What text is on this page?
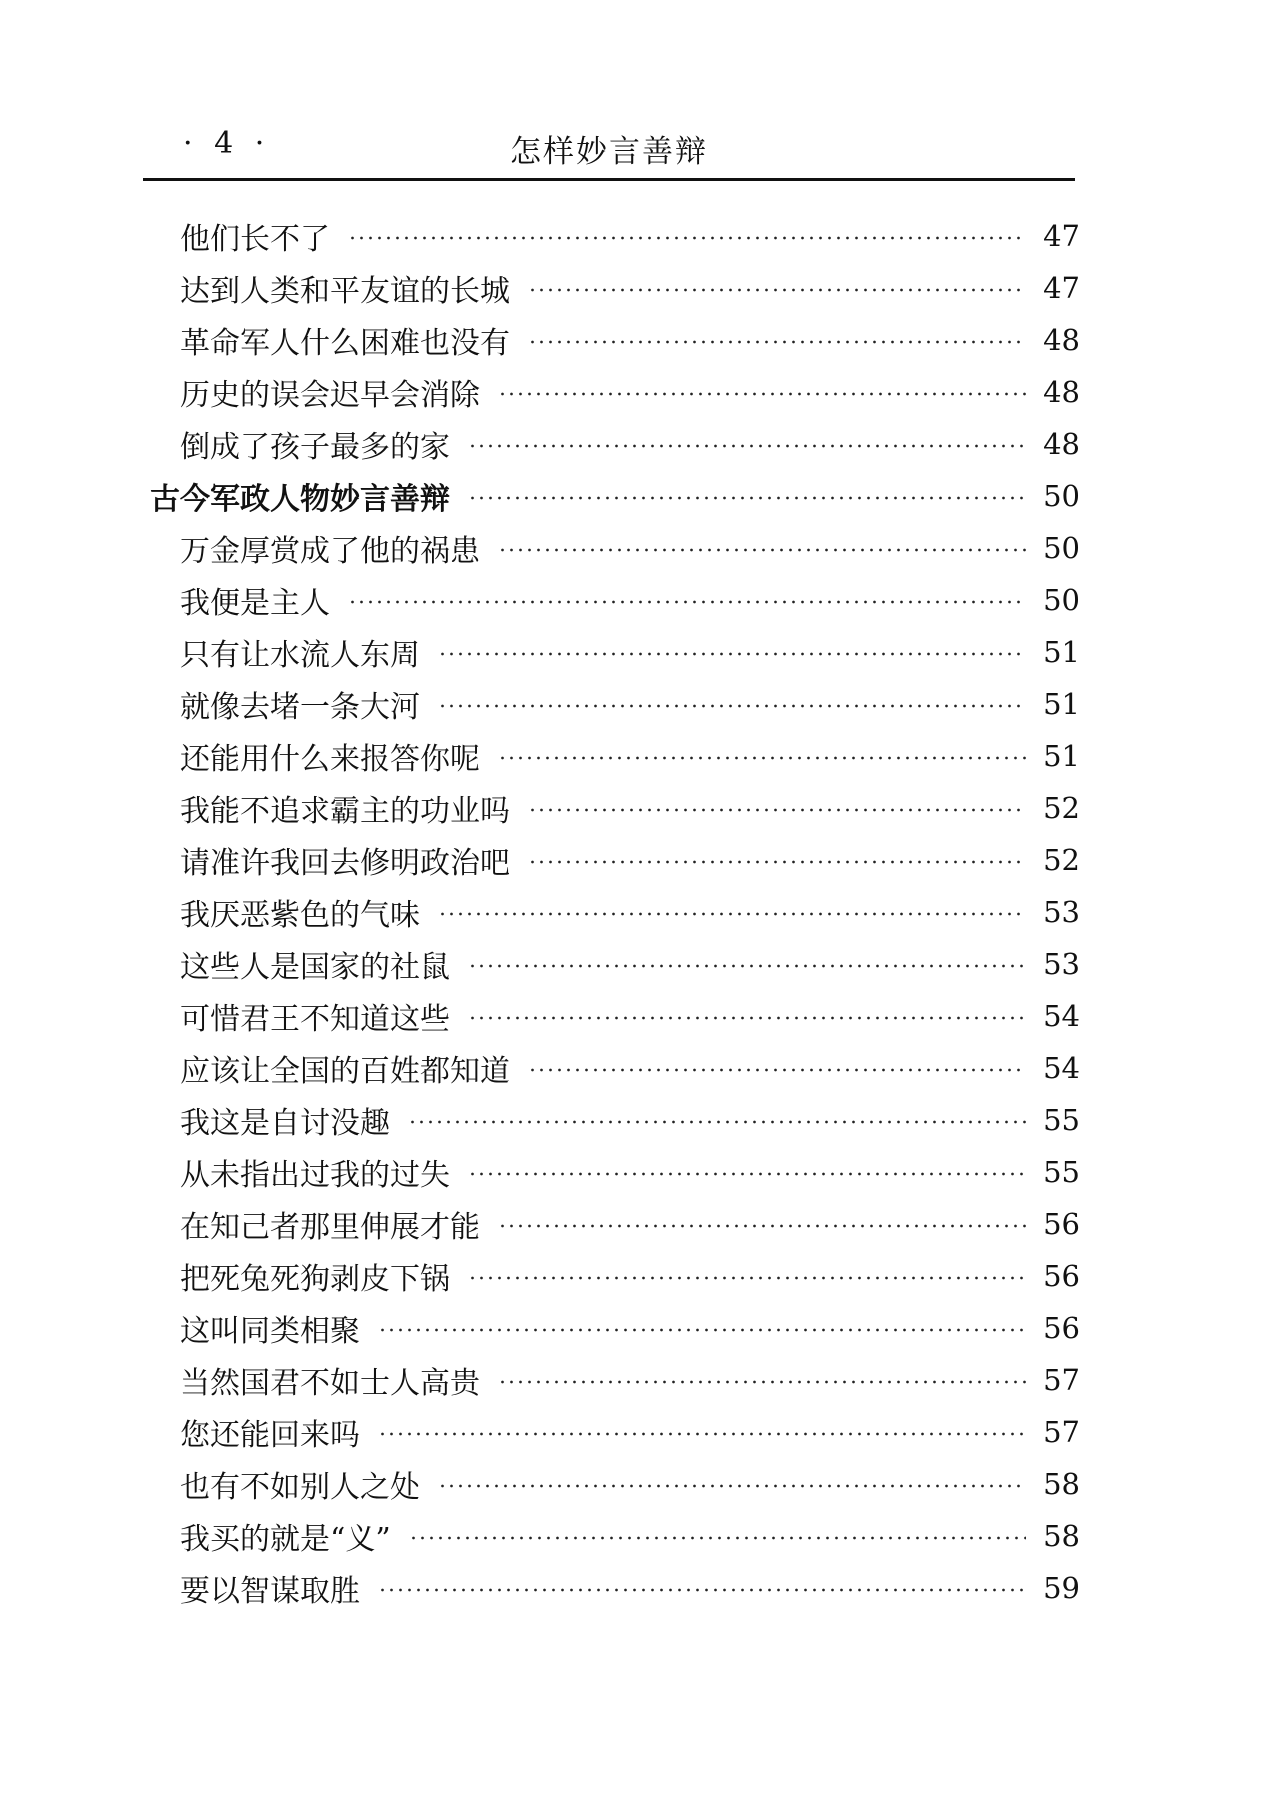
· 4 ·	怎样妙言善辩
他们长不了	47
达到人类和平友谊的长城	47
革命军人什么困难也没有	48
历史的误会迟早会消除	48
倒成了孩子最多的家	48
古今军政人物妙言善辩	50
万金厚赏成了他的祸患	50
我便是主人	50
只有让水流人东周	51
就像去堵一条大河	51
还能用什么来报答你呢	51
我能不追求霸主的功业吗	52
请准许我回去修明政治吧	52
我厌恶紫色的气味	53
这些人是国家的社鼠	53
可惜君王不知道这些	54
应该让全国的百姓都知道	54
我这是自讨没趣	55
从未指出过我的过失	55
在知己者那里伸展才能	56
把死兔死狗剥皮下锅	56
这叫同类相聚	56
当然国君不如士人高贵	57
您还能回来吗	57
也有不如别人之处	58
我买的就是“义”	58
要以智谋取胜	59
